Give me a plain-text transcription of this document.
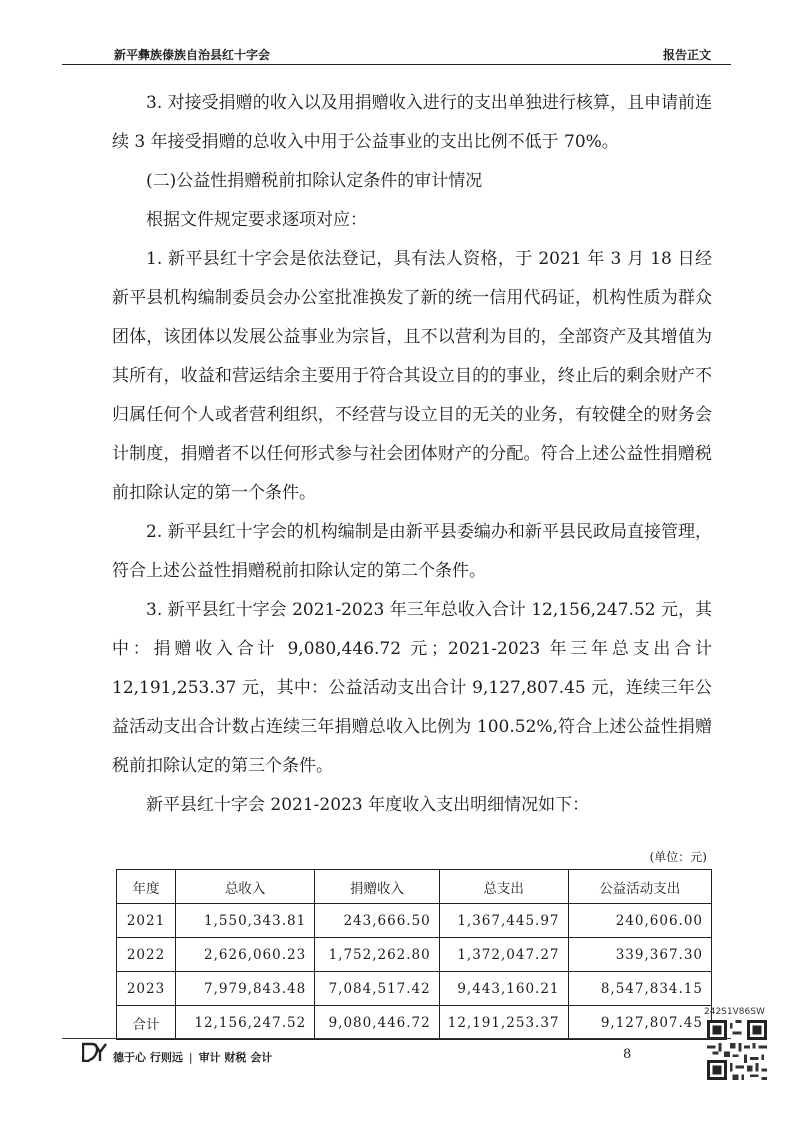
新平彝族傣族自治县红十字会	报告正文

3. 对接受捐赠的收入以及用捐赠收入进行的支出单独进行核算，且申请前连续 3 年接受捐赠的总收入中用于公益事业的支出比例不低于 70%。

(二)公益性捐赠税前扣除认定条件的审计情况

根据文件规定要求逐项对应：

1. 新平县红十字会是依法登记，具有法人资格，于 2021 年 3 月 18 日经新平县机构编制委员会办公室批准换发了新的统一信用代码证，机构性质为群众团体，该团体以发展公益事业为宗旨，且不以营利为目的，全部资产及其增值为其所有，收益和营运结余主要用于符合其设立目的的事业，终止后的剩余财产不归属任何个人或者营利组织，不经营与设立目的无关的业务，有较健全的财务会计制度，捐赠者不以任何形式参与社会团体财产的分配。符合上述公益性捐赠税前扣除认定的第一个条件。

2. 新平县红十字会的机构编制是由新平县委编办和新平县民政局直接管理，符合上述公益性捐赠税前扣除认定的第二个条件。

3. 新平县红十字会 2021-2023 年三年总收入合计 12,156,247.52 元，其中：捐赠收入合计 9,080,446.72 元；2021-2023 年三年总支出合计 12,191,253.37 元，其中：公益活动支出合计 9,127,807.45 元，连续三年公益活动支出合计数占连续三年捐赠总收入比例为 100.52%,符合上述公益性捐赠税前扣除认定的第三个条件。

新平县红十字会 2021-2023 年度收入支出明细情况如下：

(单位：元)
年度	总收入	捐赠收入	总支出	公益活动支出
2021	1,550,343.81	243,666.50	1,367,445.97	240,606.00
2022	2,626,060.23	1,752,262.80	1,372,047.27	339,367.30
2023	7,979,843.48	7,084,517.42	9,443,160.21	8,547,834.15
合计	12,156,247.52	9,080,446.72	12,191,253.37	9,127,807.45
242S1V86SW
德于心 行则远 | 审计 财税 会计	8
